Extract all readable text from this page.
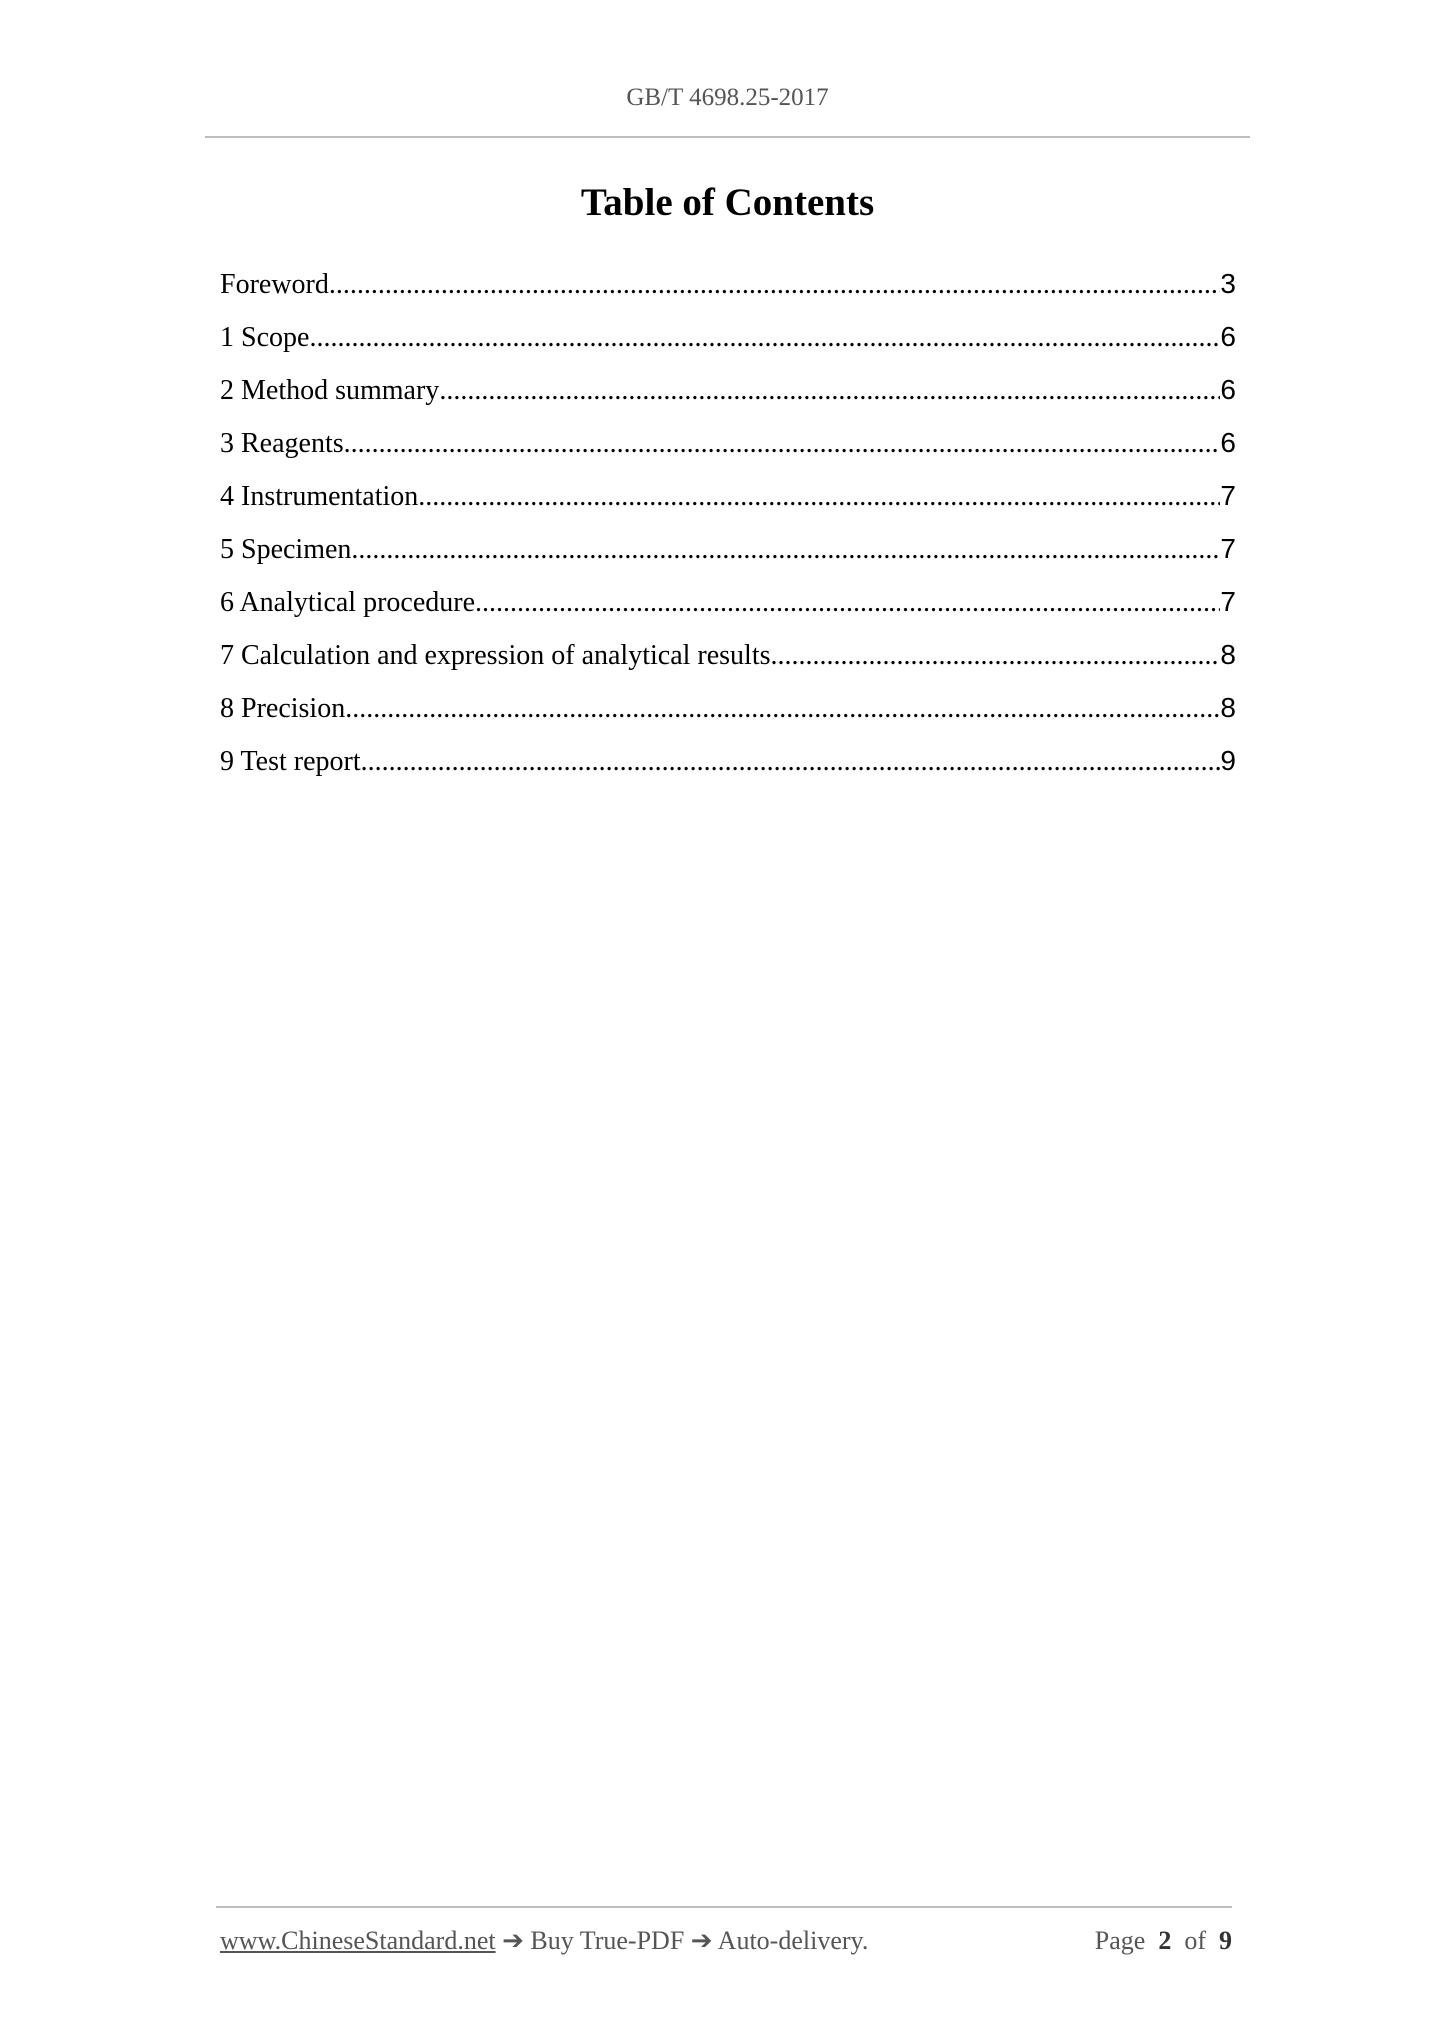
GB/T 4698.25-2017
Table of Contents
Foreword .....	3
1 Scope .....	6
2 Method summary .....	6
3 Reagents .....	6
4 Instrumentation .....	7
5 Specimen .....	7
6 Analytical procedure .....	7
7 Calculation and expression of analytical results. .....	8
8 Precision .....	8
9 Test report .....	9
www.ChineseStandard.net ➔ Buy True-PDF ➔ Auto-delivery.	Page 2 of 9
